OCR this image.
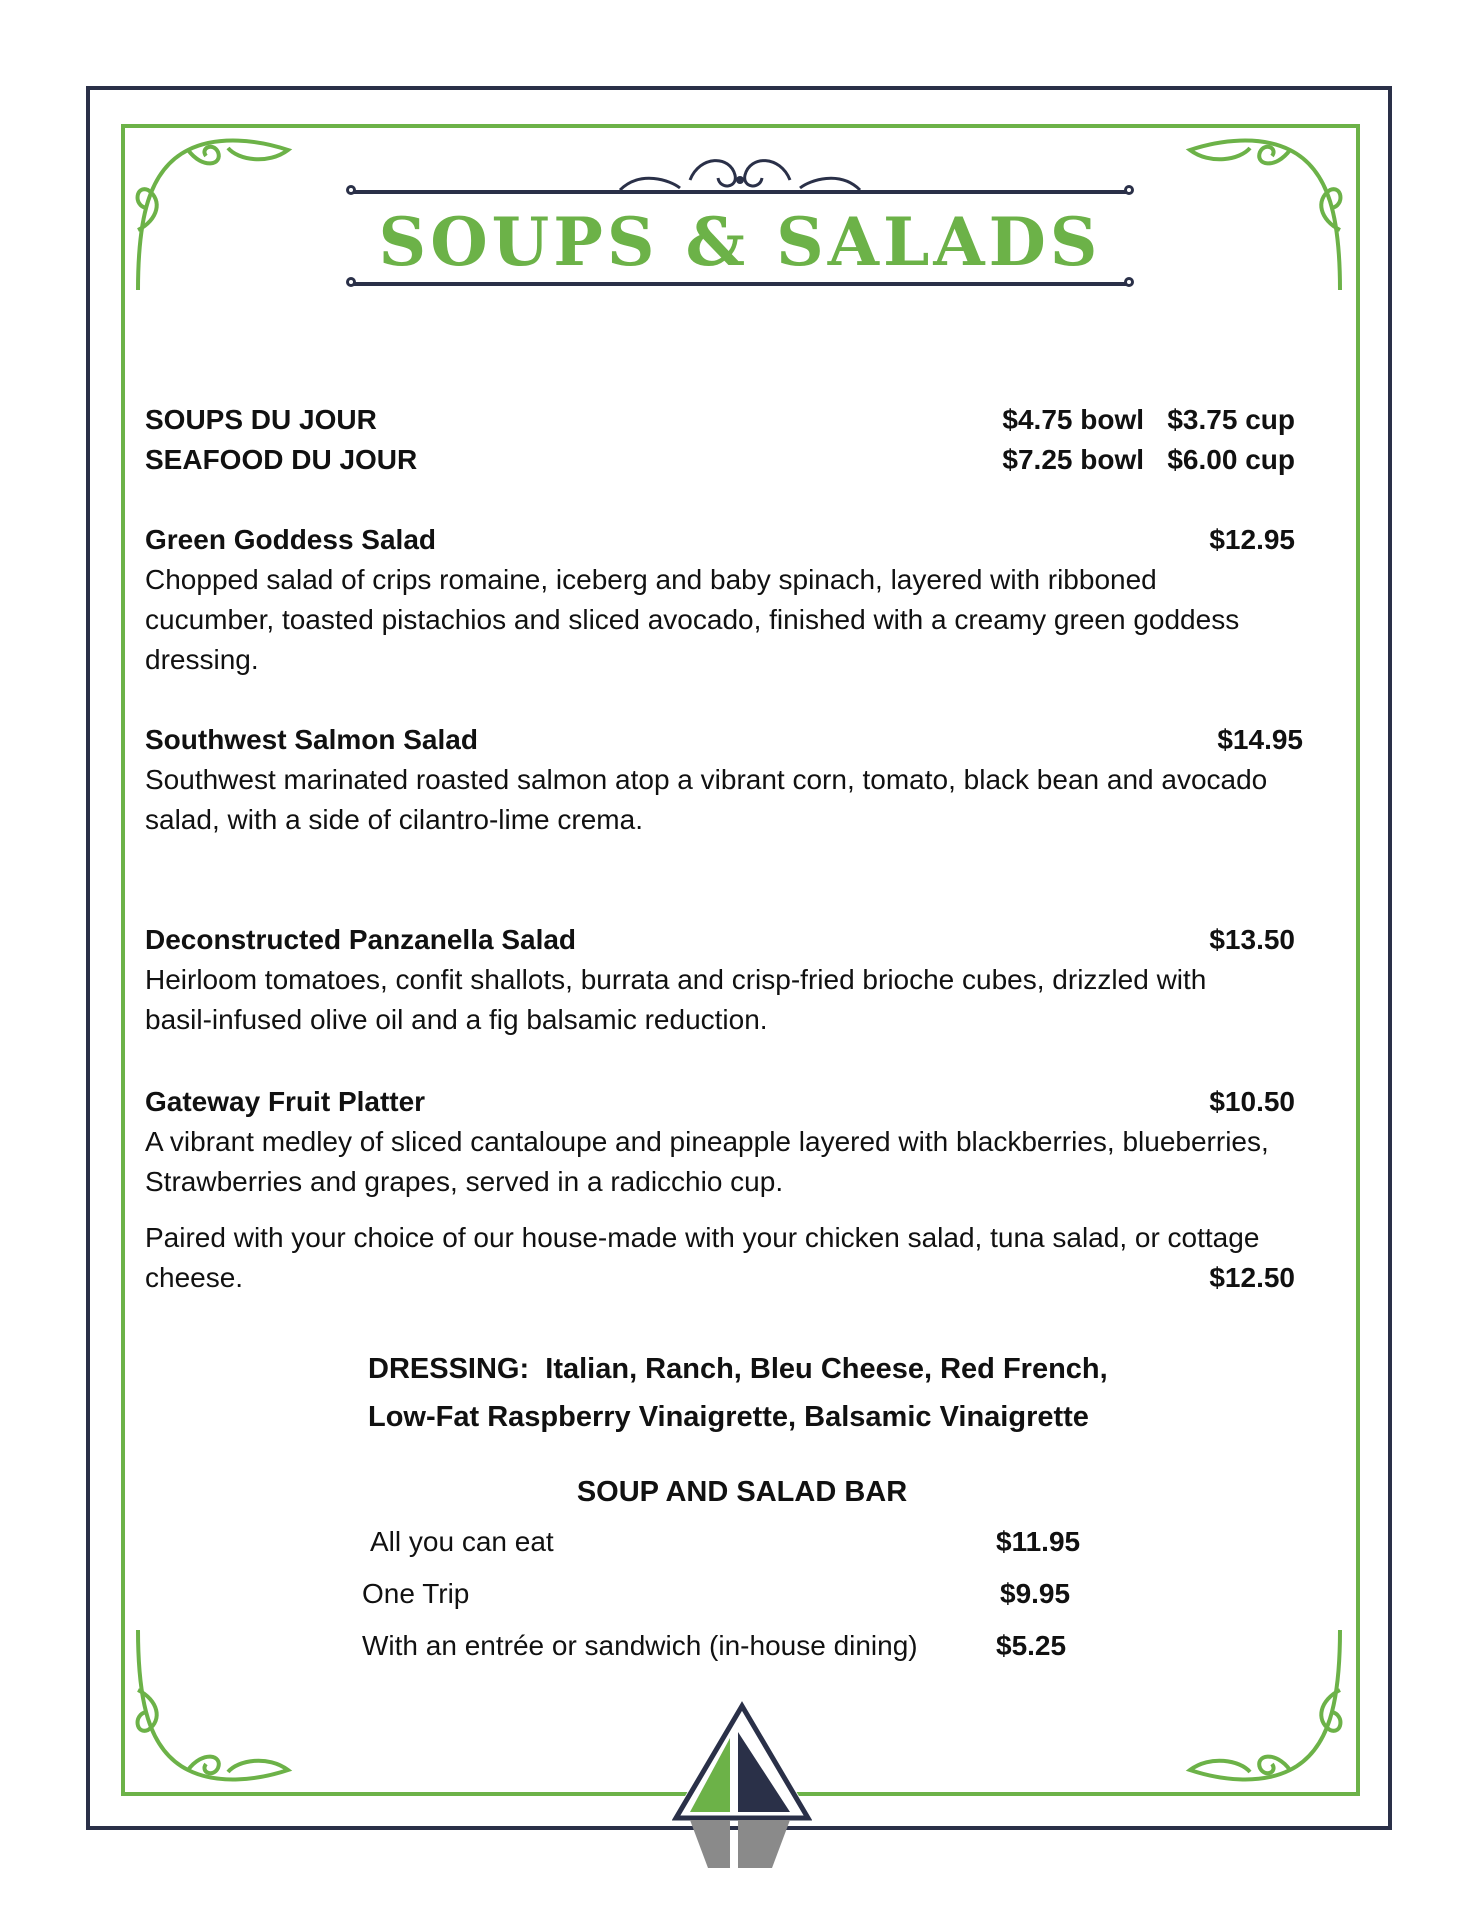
SOUPS & SALADS
SOUPS DU JOUR	$4.75 bowl $3.75 cup
SEAFOOD DU JOUR	$7.25 bowl $6.00 cup
Green Goddess Salad	$12.95
Chopped salad of crips romaine, iceberg and baby spinach, layered with ribboned
cucumber, toasted pistachios and sliced avocado, finished with a creamy green goddess
dressing.
Southwest Salmon Salad	$14.95
Southwest marinated roasted salmon atop a vibrant corn, tomato, black bean and avocado
salad, with a side of cilantro-lime crema.
Deconstructed Panzanella Salad	$13.50
Heirloom tomatoes, confit shallots, burrata and crisp-fried brioche cubes, drizzled with
basil-infused olive oil and a fig balsamic reduction.
Gateway Fruit Platter	$10.50
A vibrant medley of sliced cantaloupe and pineapple layered with blackberries, blueberries,
Strawberries and grapes, served in a radicchio cup.
Paired with your choice of our house-made with your chicken salad, tuna salad, or cottage
cheese.	$12.50
DRESSING: Italian, Ranch, Bleu Cheese, Red French,
Low-Fat Raspberry Vinaigrette, Balsamic Vinaigrette
SOUP AND SALAD BAR
All you can eat	$11.95
One Trip	$9.95
With an entrée or sandwich (in-house dining)	$5.25
